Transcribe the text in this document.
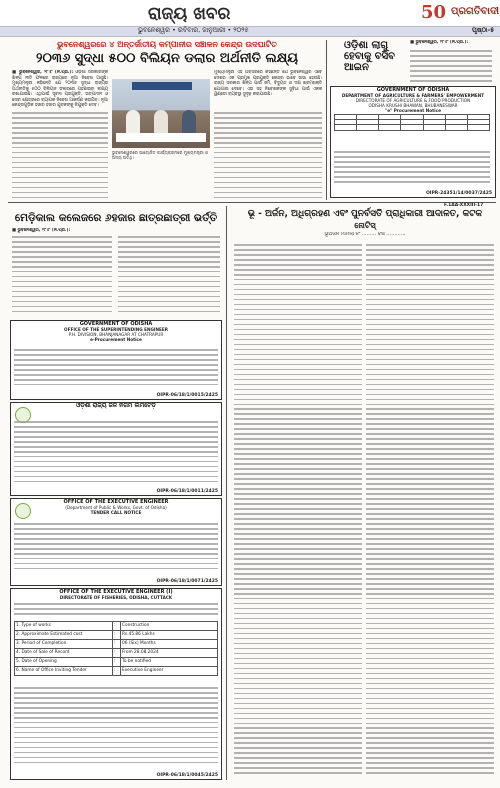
ରାଜ୍ୟ ଖବର	50 ପ୍ରଗତିବାଦୀ
ଭୁବନେଶ୍ୱର • ରବିବାର, ଜାନୁଆରୀ • ୨୦୨୫	ପୃଷ୍ଠା-୫
ଭୁବନେଶ୍ୱରରେ ୪ ଅନ୍ତର୍ଜାତୀୟ କମ୍ପାନୀର ସଞ୍ଚାଳନ କେନ୍ଦ୍ର ଉଦଘାଟିତ
୨୦୩୬ ସୁଦ୍ଧା ୫୦୦ ବିଲିୟନ ଡଲାର ଅର୍ଥନୀତି ଲକ୍ଷ୍ୟ
■ ଭୁବନେଶ୍ୱର, ୨୮।୮ (ନି.ପ୍ର.): ଓଡ଼ିଶା ସରକାରଙ୍କ ଶିଳ୍ପ ନୀତି ଫଳରେ ରାଜ୍ୟରେ ନୂଆ ନିବେଶ ଆସୁଛି। ମୁଖ୍ୟମନ୍ତ୍ରୀ କହିଛନ୍ତି ଯେ ୨୦୩୬ ସୁଦ୍ଧା ରାଜ୍ୟର ଅର୍ଥନୀତିକୁ ୫୦୦ ବିଲିୟନ ଡଲାରରେ ପହଞ୍ଚାଇବା ଲକ୍ଷ୍ୟ ରଖାଯାଇଛି। ଏଥିପାଇଁ ସୂଚନା ପ୍ରଯୁକ୍ତି, ଉତ୍ପାଦନ ଓ ସେବା କ୍ଷେତ୍ରରେ ବ୍ୟାପକ ନିବେଶ ଆକର୍ଷଣ କରାଯିବ। ନୂଆ କେନ୍ଦ୍ରଗୁଡ଼ିକ ହଜାର ହଜାର ଯୁବକଙ୍କୁ ନିଯୁକ୍ତି ଦେବ।
ଭୁବନେଶ୍ୱରରେ ଆୟୋଜିତ କାର୍ଯ୍ୟକ୍ରମରେ ମୁଖ୍ୟମନ୍ତ୍ରୀ ଓ ଅନ୍ୟ ଅତିଥି।
ମୁଖ୍ୟମନ୍ତ୍ରୀ ଏହି ଅବସରରେ କହିଛନ୍ତି ଯେ ଭୁବନେଶ୍ୱର ଏବେ ଦେଶର ଏକ ପ୍ରମୁଖ ପ୍ରଯୁକ୍ତି କେନ୍ଦ୍ର ଭାବେ ଉଭା ହେଉଛି। ରାଜ୍ୟ ସରକାର ଶିଳ୍ପ ପାଇଁ ଜମି, ବିଦ୍ୟୁତ ଓ ଦକ୍ଷ ଶ୍ରମଶକ୍ତି ଯୋଗାଇ ଦେବେ। ଏହା ସହ ନିବେଶକଙ୍କ ସୁବିଧା ପାଇଁ ଏକକ ୱିଣ୍ଡୋ ବ୍ୟବସ୍ଥା ସୁଦୃଢ଼ କରାଯାଉଛି।
ଓଡ଼ିଶା ଲାଗୁ ହେବାକୁ ବସିବ ଆଇନ
■ ଭୁବନେଶ୍ୱର, ୨୮।୮ (ନି.ପ୍ର.):
GOVERNMENT OF ODISHA
DEPARTMENT OF AGRICULTURE & FARMERS' EMPOWERMENT
DIRECTORATE OF AGRICULTURE & FOOD PRODUCTION
ODISHA KRUSHI BHAWAN, BHUBANESWAR
"e" Procurement Notice

OIPR-24351/14/0037/2425
ମେଡ଼ିକାଲ କଲେଜରେ ୬ହଜାର ଛାତ୍ରଛାତ୍ରୀ ଭର୍ତ୍ତି
■ ଭୁବନେଶ୍ୱର, ୨୮।୮ (ନି.ପ୍ର.):
GOVERNMENT OF ODISHA
OFFICE OF THE SUPERINTENDING ENGINEER
P.H. DIVISION, BHANJANAGAR AT CHATRAPUR
e-Procurement Notice
OIPR-06/18/1/0015/2425
ଓଡ଼ିଶା ରାଜ୍ୟ ଜଳ ନିଗମ ଲିମିଟେଡ଼
OIPR-06/18/1/0011/2425
OFFICE OF THE EXECUTIVE ENGINEER
(Department of Public & Works, Govt. of Odisha)
TENDER CALL NOTICE
OIPR-06/18/1/0071/2425
OFFICE OF THE EXECUTIVE ENGINEER (I)
DIRECTORATE OF FISHERIES, ODISHA, CUTTACK
1. Type of works	:	Construction
2. Approximate Estimated cost	:	Rs.45.86 Lakhs
3. Period of Completion	:	06 (Six) Months
4. Date of Sale of Record	:	From 28.08.2024
5. Date of Opening	:	To be notified
6. Name of Office Inviting Tender	:	Executive Engineer
OIPR-06/18/1/0045/2425
F.1AA-XXXIII-17
ଭୂ - ଅର୍ଜନ, ଅଧିଗ୍ରହଣ ଏବଂ ପୁନର୍ବସତି ପ୍ରାଧିକାରୀ ଆଦାଳତ, କଟକ
ନୋଟିସ୍
ଭୂଅର୍ଜନ ମାମଲା ନଂ ......... ବର୍ଷ ............
